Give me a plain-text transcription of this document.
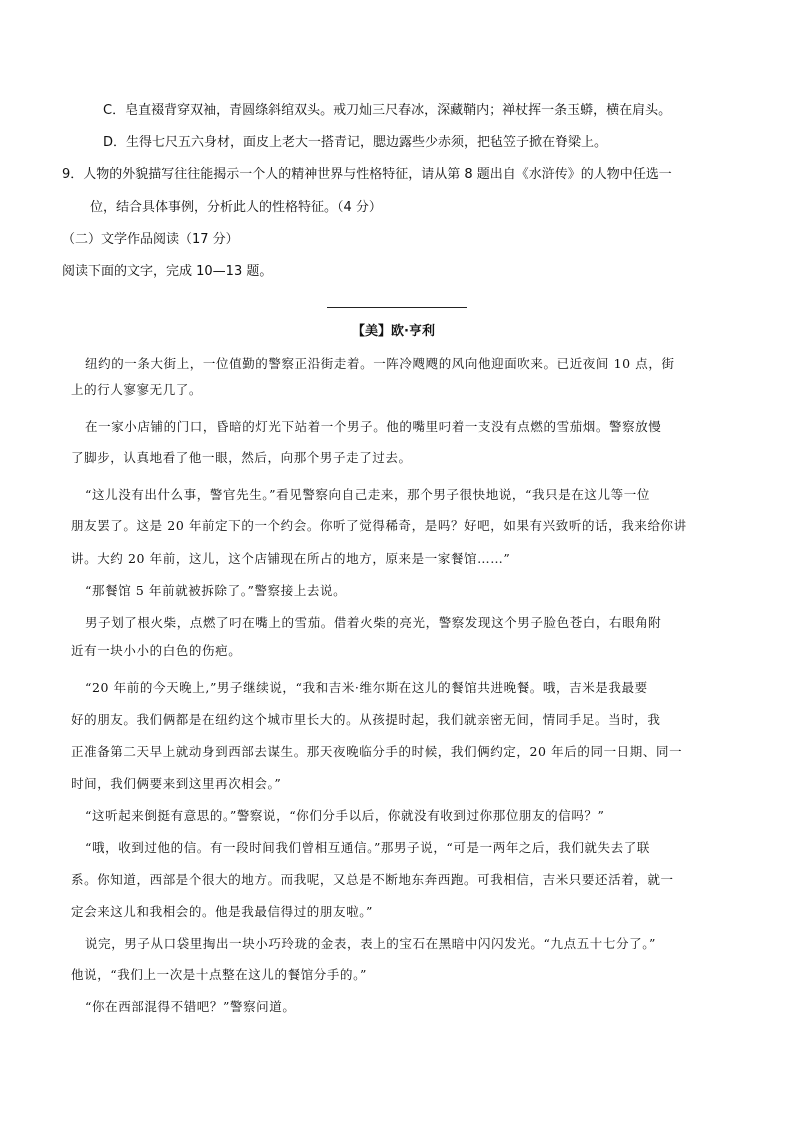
C．皂直裰背穿双袖，青圆绦斜绾双头。戒刀灿三尺春冰，深藏鞘内；禅杖挥一条玉蟒，横在肩头。
D．生得七尺五六身材，面皮上老大一搭青记，腮边露些少赤须，把毡笠子掀在脊梁上。
9．人物的外貌描写往往能揭示一个人的精神世界与性格特征，请从第 8 题出自《水浒传》的人物中任选一
位，结合具体事例，分析此人的性格特征。（4 分）
（二）文学作品阅读（17 分）
阅读下面的文字，完成 10—13 题。
【美】欧·亨利
纽约的一条大街上，一位值勤的警察正沿街走着。一阵冷飕飕的风向他迎面吹来。已近夜间 10 点，街
上的行人寥寥无几了。
在一家小店铺的门口，昏暗的灯光下站着一个男子。他的嘴里叼着一支没有点燃的雪茄烟。警察放慢
了脚步，认真地看了他一眼，然后，向那个男子走了过去。
“这儿没有出什么事，警官先生。”看见警察向自己走来，那个男子很快地说，“我只是在这儿等一位
朋友罢了。这是 20 年前定下的一个约会。你听了觉得稀奇，是吗？好吧，如果有兴致听的话，我来给你讲
讲。大约 20 年前，这儿，这个店铺现在所占的地方，原来是一家餐馆……”
“那餐馆 5 年前就被拆除了。”警察接上去说。
男子划了根火柴，点燃了叼在嘴上的雪茄。借着火柴的亮光，警察发现这个男子脸色苍白，右眼角附
近有一块小小的白色的伤疤。
“20 年前的今天晚上,”男子继续说，“我和吉米·维尔斯在这儿的餐馆共进晚餐。哦，吉米是我最要
好的朋友。我们俩都是在纽约这个城市里长大的。从孩提时起，我们就亲密无间，情同手足。当时，我
正准备第二天早上就动身到西部去谋生。那天夜晚临分手的时候，我们俩约定，20 年后的同一日期、同一
时间，我们俩要来到这里再次相会。”
“这听起来倒挺有意思的。”警察说，“你们分手以后，你就没有收到过你那位朋友的信吗？”
“哦，收到过他的信。有一段时间我们曾相互通信。”那男子说，“可是一两年之后，我们就失去了联
系。你知道，西部是个很大的地方。而我呢，又总是不断地东奔西跑。可我相信，吉米只要还活着，就一
定会来这儿和我相会的。他是我最信得过的朋友啦。”
说完，男子从口袋里掏出一块小巧玲珑的金表，表上的宝石在黑暗中闪闪发光。“九点五十七分了。”
他说，“我们上一次是十点整在这儿的餐馆分手的。”
“你在西部混得不错吧？”警察问道。
